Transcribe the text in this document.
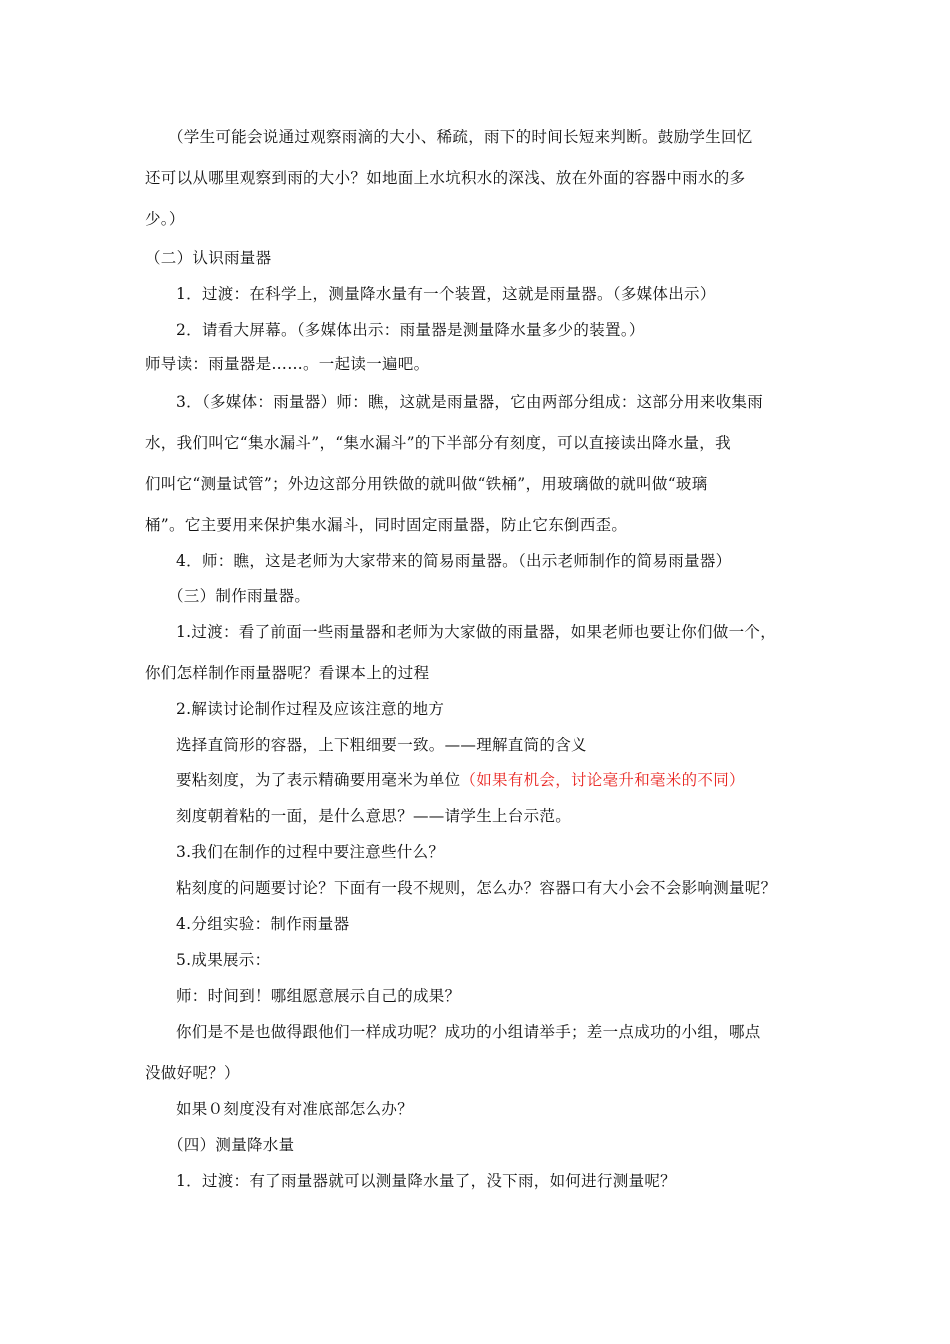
（学生可能会说通过观察雨滴的大小、稀疏，雨下的时间长短来判断。鼓励学生回忆
还可以从哪里观察到雨的大小？如地面上水坑积水的深浅、放在外面的容器中雨水的多
少。）
（二）认识雨量器
1．过渡：在科学上，测量降水量有一个装置，这就是雨量器。（多媒体出示）
2．请看大屏幕。（多媒体出示：雨量器是测量降水量多少的装置。）
师导读：雨量器是……。一起读一遍吧。
3．（多媒体：雨量器）师：瞧，这就是雨量器，它由两部分组成：这部分用来收集雨
水，我们叫它“集水漏斗”，“集水漏斗”的下半部分有刻度，可以直接读出降水量，我
们叫它“测量试管”；外边这部分用铁做的就叫做“铁桶”，用玻璃做的就叫做“玻璃
桶”。它主要用来保护集水漏斗，同时固定雨量器，防止它东倒西歪。
4．师：瞧，这是老师为大家带来的简易雨量器。（出示老师制作的简易雨量器）
（三）制作雨量器。
1.过渡：看了前面一些雨量器和老师为大家做的雨量器，如果老师也要让你们做一个，
你们怎样制作雨量器呢？看课本上的过程
2.解读讨论制作过程及应该注意的地方
选择直筒形的容器，上下粗细要一致。——理解直筒的含义
要粘刻度，为了表示精确要用毫米为单位（如果有机会，讨论毫升和毫米的不同）
刻度朝着粘的一面，是什么意思？——请学生上台示范。
3.我们在制作的过程中要注意些什么？
粘刻度的问题要讨论？下面有一段不规则，怎么办？容器口有大小会不会影响测量呢？
4.分组实验：制作雨量器
5.成果展示：
师：时间到！哪组愿意展示自己的成果？
你们是不是也做得跟他们一样成功呢？成功的小组请举手；差一点成功的小组，哪点
没做好呢？）
如果０刻度没有对准底部怎么办？
（四）测量降水量
1．过渡：有了雨量器就可以测量降水量了，没下雨，如何进行测量呢？
